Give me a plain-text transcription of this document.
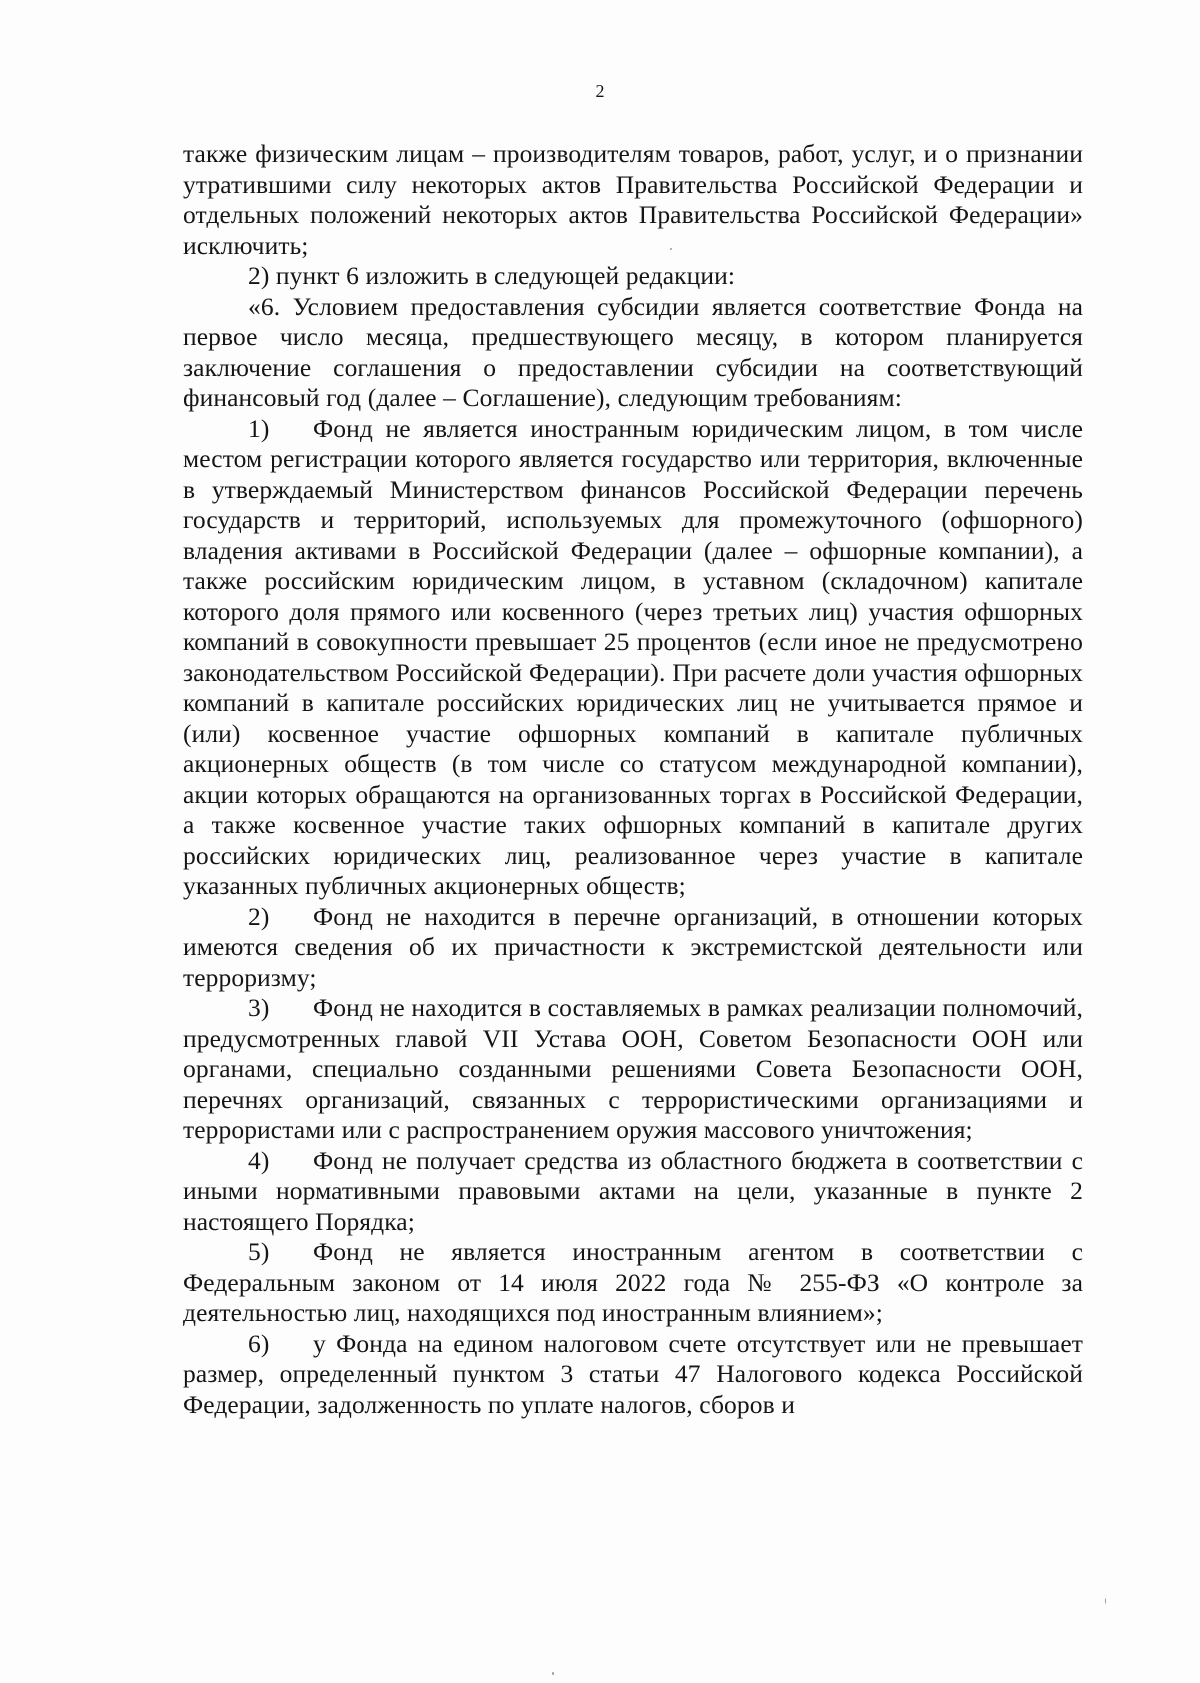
2

также физическим лицам – производителям товаров, работ, услуг, и о признании утратившими силу некоторых актов Правительства Российской Федерации и отдельных положений некоторых актов Правительства Российской Федерации» исключить;

2) пункт 6 изложить в следующей редакции:

«6. Условием предоставления субсидии является соответствие Фонда на первое число месяца, предшествующего месяцу, в котором планируется заключение соглашения о предоставлении субсидии на соответствующий финансовый год (далее – Соглашение), следующим требованиям:

1) Фонд не является иностранным юридическим лицом, в том числе местом регистрации которого является государство или территория, включенные в утверждаемый Министерством финансов Российской Федерации перечень государств и территорий, используемых для промежуточного (офшорного) владения активами в Российской Федерации (далее – офшорные компании), а также российским юридическим лицом, в уставном (складочном) капитале которого доля прямого или косвенного (через третьих лиц) участия офшорных компаний в совокупности превышает 25 процентов (если иное не предусмотрено законодательством Российской Федерации). При расчете доли участия офшорных компаний в капитале российских юридических лиц не учитывается прямое и (или) косвенное участие офшорных компаний в капитале публичных акционерных обществ (в том числе со статусом международной компании), акции которых обращаются на организованных торгах в Российской Федерации, а также косвенное участие таких офшорных компаний в капитале других российских юридических лиц, реализованное через участие в капитале указанных публичных акционерных обществ;

2) Фонд не находится в перечне организаций, в отношении которых имеются сведения об их причастности к экстремистской деятельности или терроризму;

3) Фонд не находится в составляемых в рамках реализации полномочий, предусмотренных главой VII Устава ООН, Советом Безопасности ООН или органами, специально созданными решениями Совета Безопасности ООН, перечнях организаций, связанных с террористическими организациями и террористами или с распространением оружия массового уничтожения;

4) Фонд не получает средства из областного бюджета в соответствии с иными нормативными правовыми актами на цели, указанные в пункте 2 настоящего Порядка;

5) Фонд не является иностранным агентом в соответствии с Федеральным законом от 14 июля 2022 года № 255-ФЗ «О контроле за деятельностью лиц, находящихся под иностранным влиянием»;

6) у Фонда на едином налоговом счете отсутствует или не превышает размер, определенный пунктом 3 статьи 47 Налогового кодекса Российской Федерации, задолженность по уплате налогов, сборов и
